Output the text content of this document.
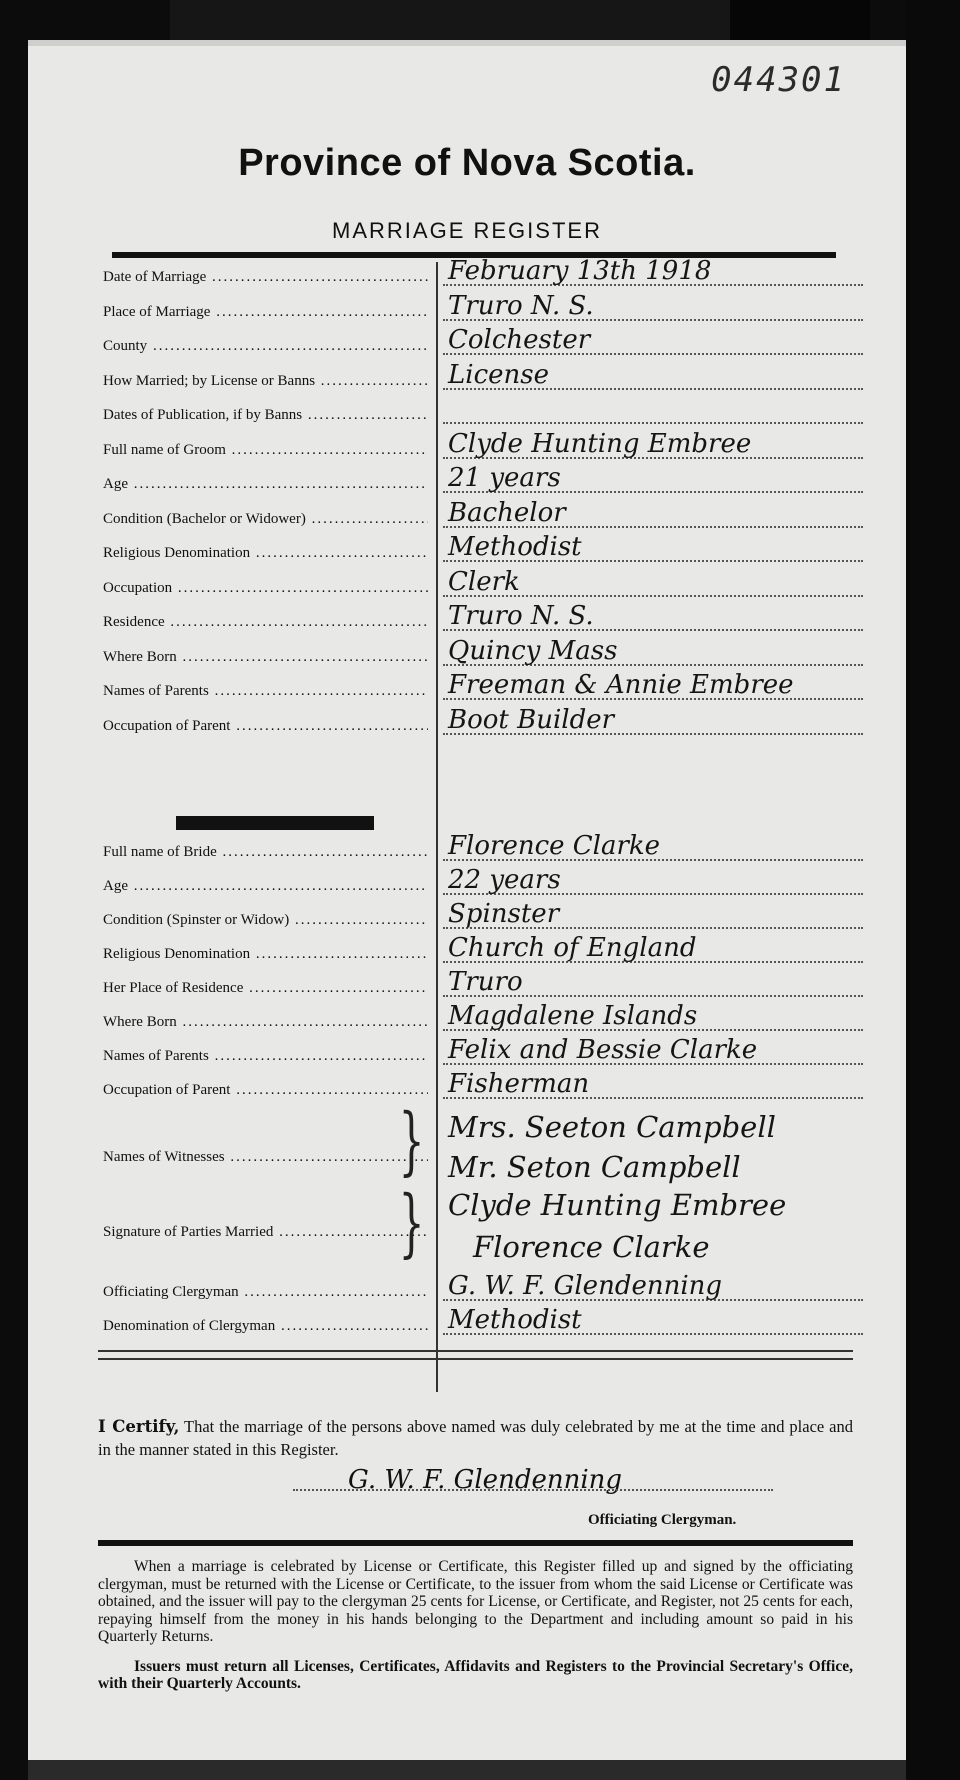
044301
Province of Nova Scotia.
MARRIAGE REGISTER
Date of Marriage .....	February 13th 1918
Place of Marriage .....	Truro N. S.
County .....	Colchester
How Married; by License or Banns .....	License
Dates of Publication, if by Banns .....
Full name of Groom .....	Clyde Hunting Embree
Age .....	21 years
Condition (Bachelor or Widower) .....	Bachelor
Religious Denomination .....	Methodist
Occupation .....	Clerk
Residence .....	Truro N. S.
Where Born .....	Quincy Mass
Names of Parents .....	Freeman & Annie Embree
Occupation of Parent .....	Boot Builder
Full name of Bride .....	Florence Clarke
Age .....	22 years
Condition (Spinster or Widow) .....	Spinster
Religious Denomination .....	Church of England
Her Place of Residence .....	Truro
Where Born .....	Magdalene Islands
Names of Parents .....	Felix and Bessie Clarke
Occupation of Parent .....	Fisherman
Names of Witnesses .....	} Mrs. Seeton Campbell
Mr. Seton Campbell
Signature of Parties Married .....	} Clyde Hunting Embree
Florence Clarke
Officiating Clergyman .....	G. W. F. Glendenning
Denomination of Clergyman .....	Methodist
I Certify, That the marriage of the persons above named was duly celebrated by me at the time and place and in the manner stated in this Register.
G. W. F. Glendenning
Officiating Clergyman.

When a marriage is celebrated by License or Certificate, this Register filled up and signed by the officiating clergyman, must be returned with the License or Certificate, to the issuer from whom the said License or Certificate was obtained, and the issuer will pay to the clergyman 25 cents for License, or Certificate, and Register, not 25 cents for each, repaying himself from the money in his hands belonging to the Department and including amount so paid in his Quarterly Returns.

Issuers must return all Licenses, Certificates, Affidavits and Registers to the Provincial Secretary's Office, with their Quarterly Accounts.
